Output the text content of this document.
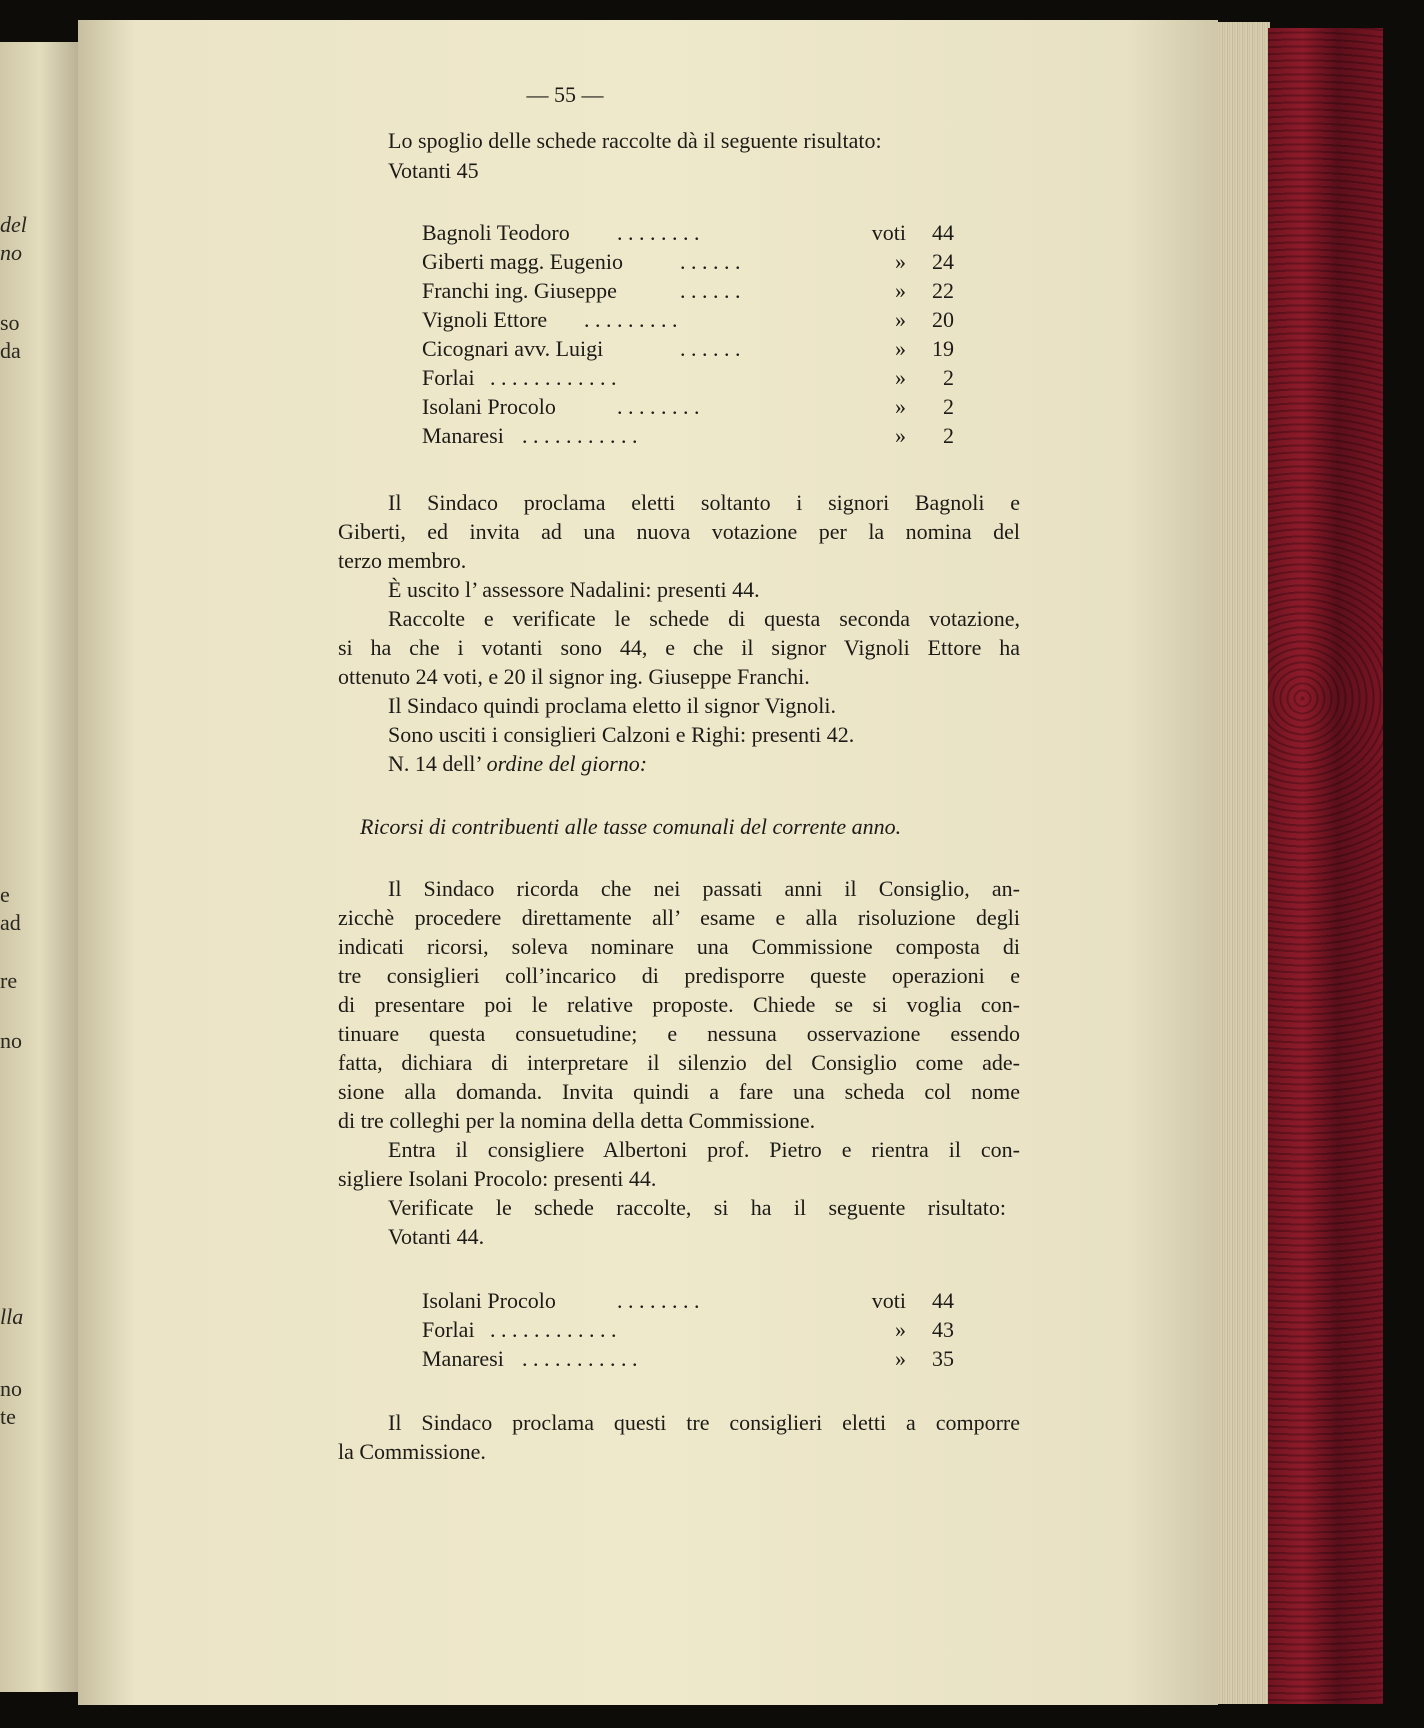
del
no
so
da
e
ad
re
no
lla
no
te
— 55 —
Lo spoglio delle schede raccolte dà il seguente risultato:
Votanti 45
Bagnoli Teodoro . . . . . . . .	voti	44
Giberti magg. Eugenio	. . . . . .	»	24
Franchi ing. Giuseppe	. . . . . .	»	22
Vignoli Ettore . . . . . . . . .	»	20
Cicognari avv. Luigi	. . . . . .	»	19
Forlai . . . . . . . . . . . .	»	2
Isolani Procolo	. . . . . . . .	»	2
Manaresi . . . . . . . . . . .	»	2
Il Sindaco proclama eletti soltanto i signori Bagnoli e
Giberti, ed invita ad una nuova votazione per la nomina del
terzo membro.
È uscito l’ assessore Nadalini: presenti 44.
Raccolte e verificate le schede di questa seconda votazione,
si ha che i votanti sono 44, e che il signor Vignoli Ettore ha
ottenuto 24 voti, e 20 il signor ing. Giuseppe Franchi.
Il Sindaco quindi proclama eletto il signor Vignoli.
Sono usciti i consiglieri Calzoni e Righi: presenti 42.
N. 14 dell’ ordine del giorno:
Ricorsi di contribuenti alle tasse comunali del corrente anno.
Il Sindaco ricorda che nei passati anni il Consiglio, an-
zicchè procedere direttamente all’ esame e alla risoluzione degli
indicati ricorsi, soleva nominare una Commissione composta di
tre consiglieri coll’incarico di predisporre queste operazioni e
di presentare poi le relative proposte. Chiede se si voglia con-
tinuare questa consuetudine; e nessuna osservazione essendo
fatta, dichiara di interpretare il silenzio del Consiglio come ade-
sione alla domanda. Invita quindi a fare una scheda col nome
di tre colleghi per la nomina della detta Commissione.
Entra il consigliere Albertoni prof. Pietro e rientra il con-
sigliere Isolani Procolo: presenti 44.
Verificate le schede raccolte, si ha il seguente risultato:
Votanti 44.
Isolani Procolo	. . . . . . . .	voti	44
Forlai . . . . . . . . . . . .	»	43
Manaresi . . . . . . . . . . .	»	35
Il Sindaco proclama questi tre consiglieri eletti a comporre
la Commissione.
